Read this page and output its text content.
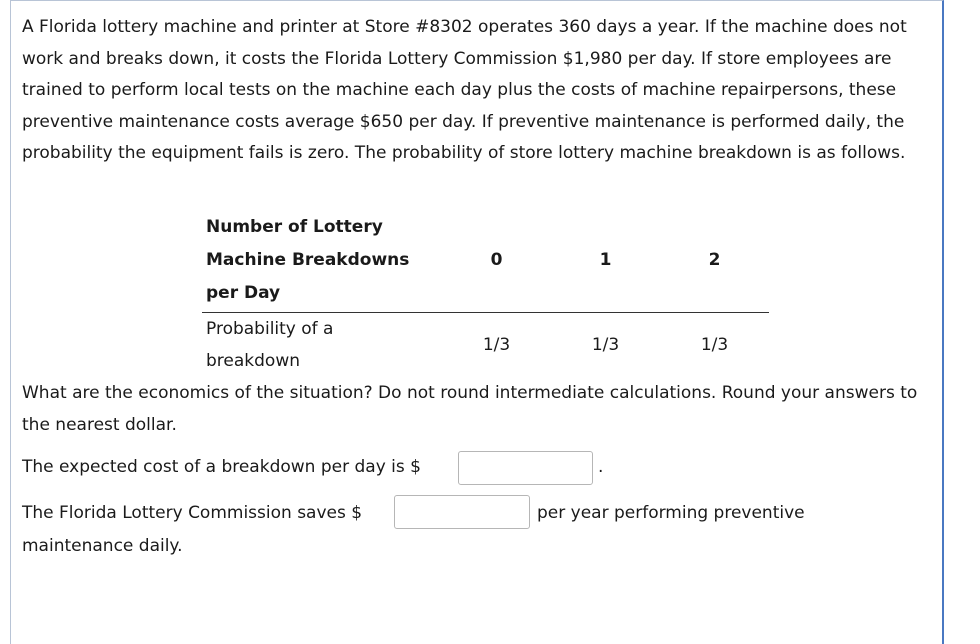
A Florida lottery machine and printer at Store #8302 operates 360 days a year. If the machine does not work and breaks down, it costs the Florida Lottery Commission $1,980 per day. If store employees are trained to perform local tests on the machine each day plus the costs of machine repairpersons, these preventive maintenance costs average $650 per day. If preventive maintenance is performed daily, the probability the equipment fails is zero. The probability of store lottery machine breakdown is as follows.

Number of Lottery
Machine Breakdowns
per Day	0	1	2

Probability of a
breakdown	1/3	1/3	1/3

What are the economics of the situation? Do not round intermediate calculations. Round your answers to the nearest dollar.

The expected cost of a breakdown per day is $	.
The Florida Lottery Commission saves $	per year performing preventive
maintenance daily.
